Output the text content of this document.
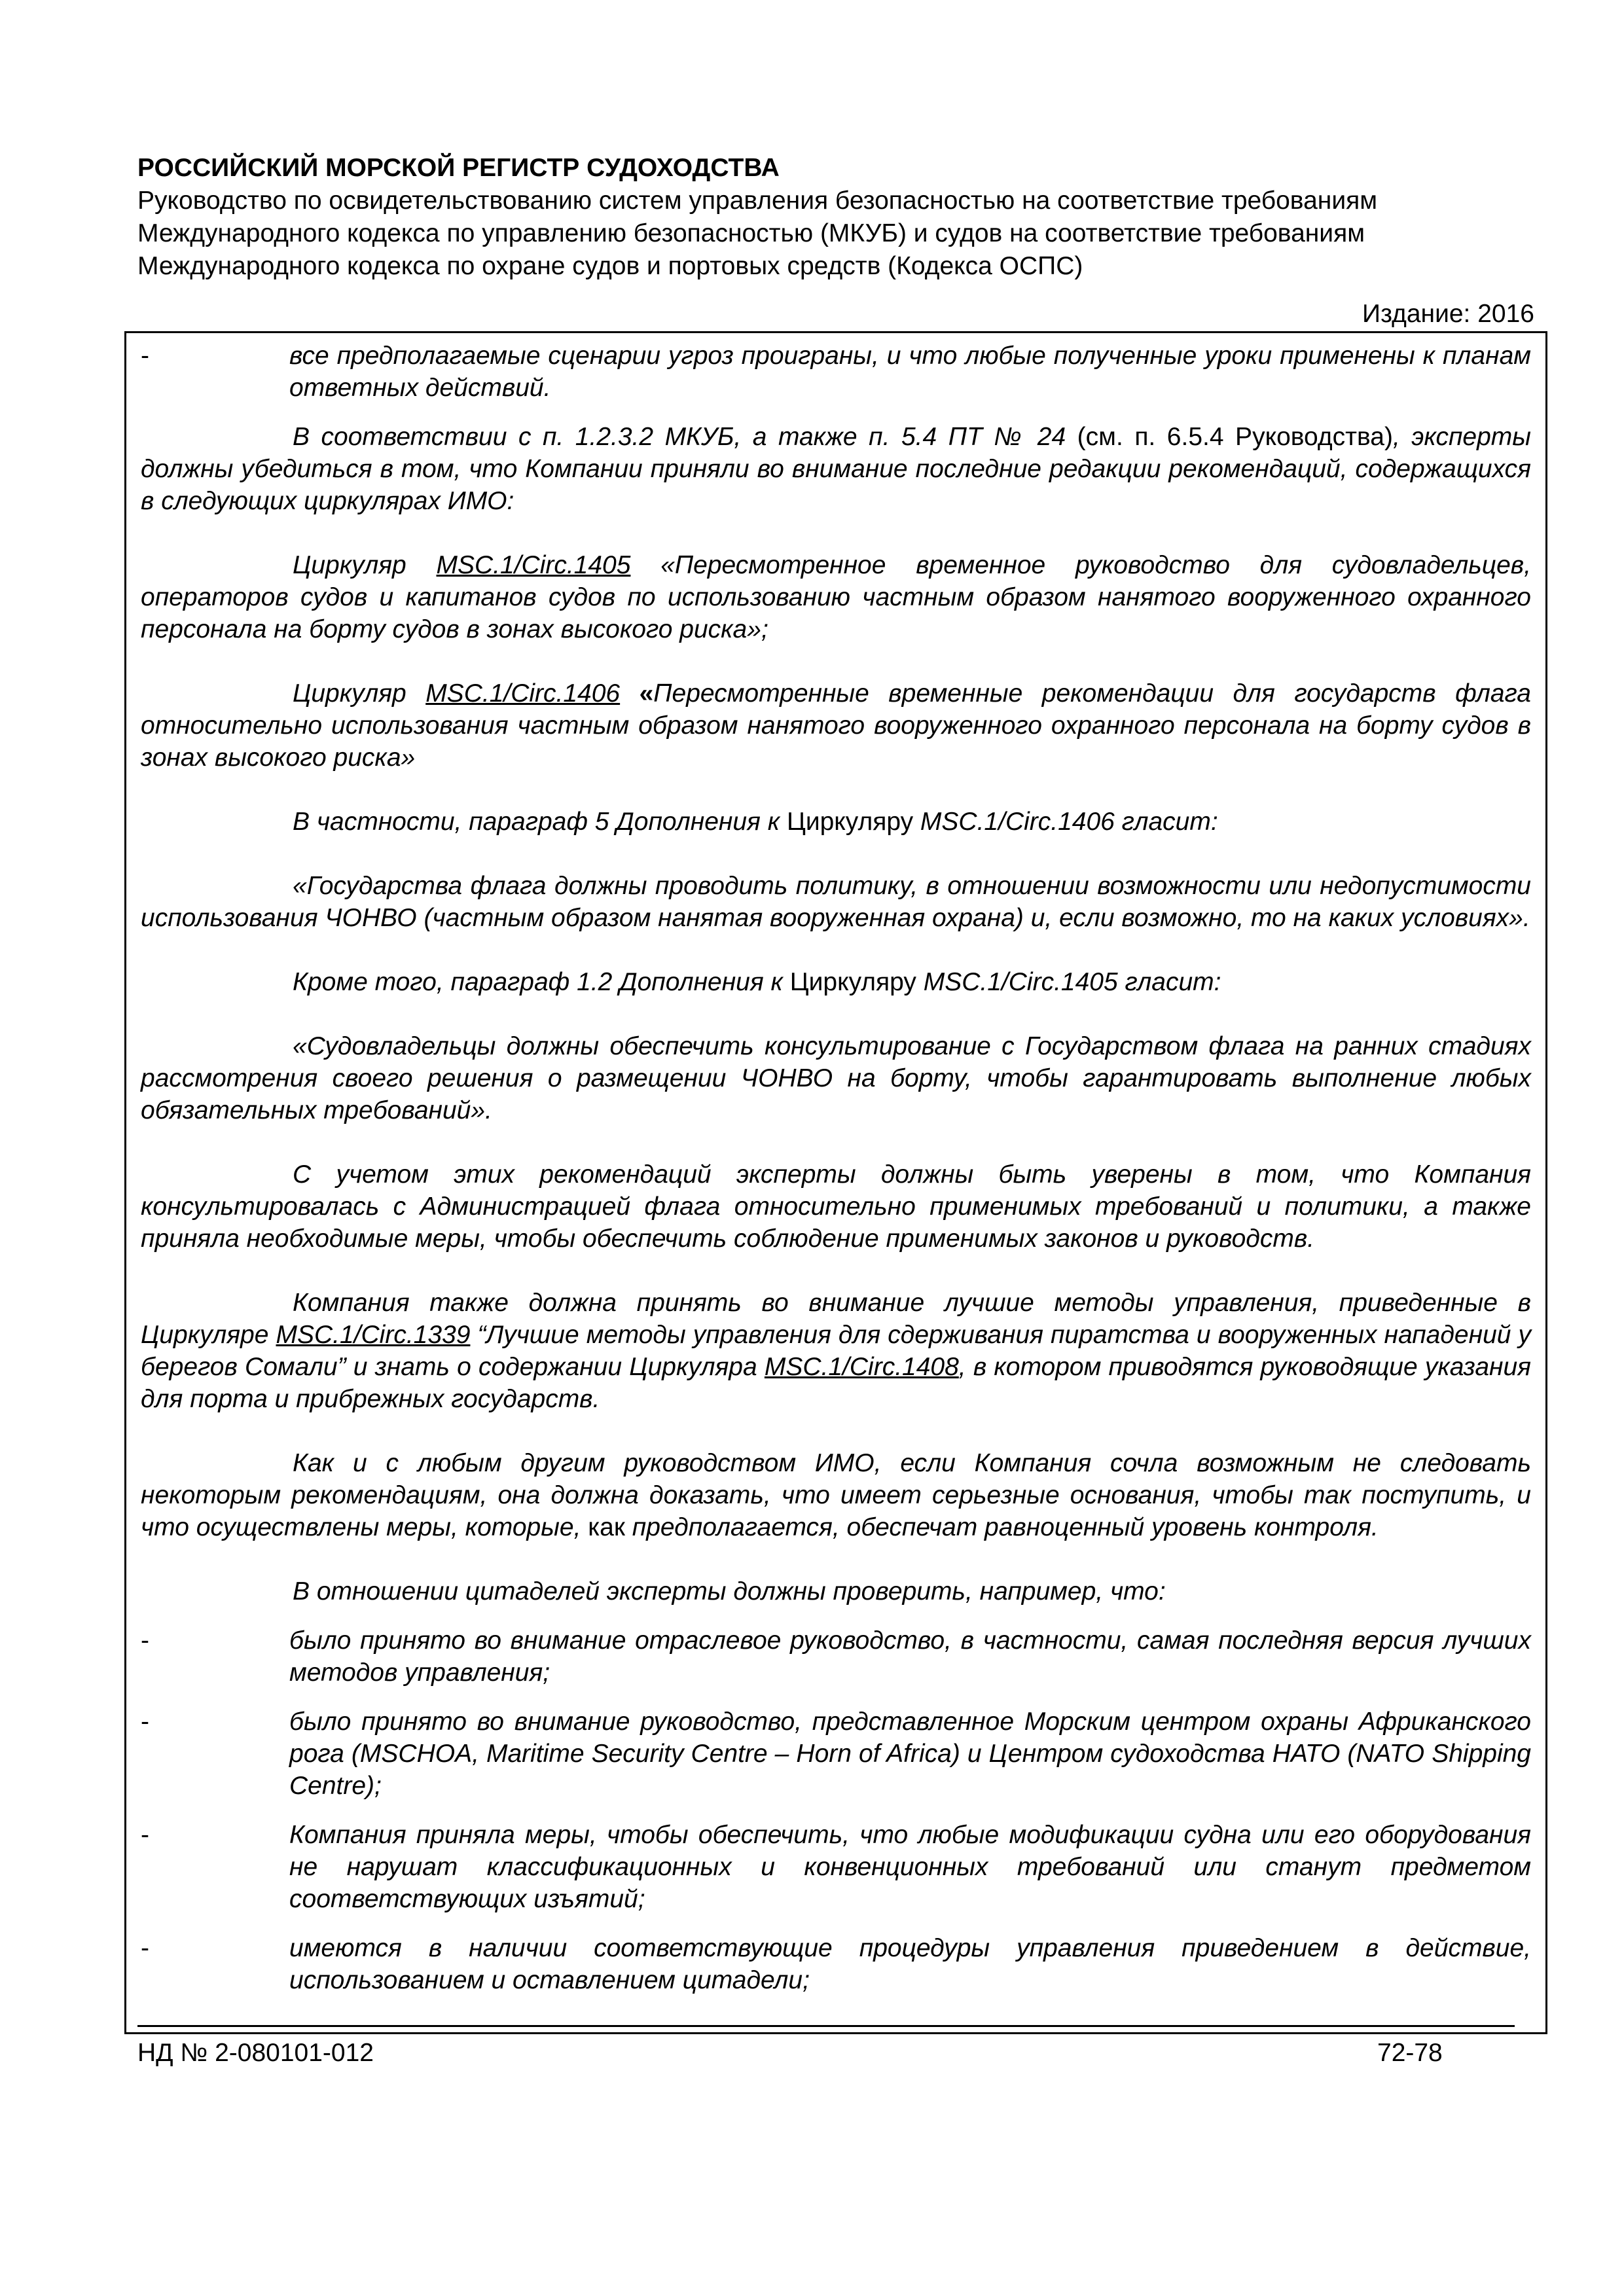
РОССИЙСКИЙ МОРСКОЙ РЕГИСТР СУДОХОДСТВА

Руководство по освидетельствованию систем управления безопасностью на соответствие требованиям

Международного кодекса по управлению безопасностью (МКУБ) и судов на соответствие требованиям

Международного кодекса по охране судов и портовых средств (Кодекса ОСПС)

Издание: 2016
-	все предполагаемые сценарии угроз проиграны, и что любые полученные уроки применены к планам ответных действий.

В соответствии с п. 1.2.3.2 МКУБ, а также п. 5.4 ПТ № 24 (см. п. 6.5.4 Руководства), эксперты должны убедиться в том, что Компании приняли во внимание последние редакции рекомендаций, содержащихся в следующих циркулярах ИМО:

Циркуляр MSC.1/Circ.1405 «Пересмотренное временное руководство для судовладельцев, операторов судов и капитанов судов по использованию частным образом нанятого вооруженного охранного персонала на борту судов в зонах высокого риска»;

Циркуляр MSC.1/Circ.1406 «Пересмотренные временные рекомендации для государств флага относительно использования частным образом нанятого вооруженного охранного персонала на борту судов в зонах высокого риска»

В частности, параграф 5 Дополнения к Циркуляру MSC.1/Circ.1406 гласит:

«Государства флага должны проводить политику, в отношении возможности или недопустимости использования ЧОНВО (частным образом нанятая вооруженная охрана) и, если возможно, то на каких условиях».

Кроме того, параграф 1.2 Дополнения к Циркуляру MSC.1/Circ.1405 гласит:

«Судовладельцы должны обеспечить консультирование с Государством флага на ранних стадиях рассмотрения своего решения о размещении ЧОНВО на борту, чтобы гарантировать выполнение любых обязательных требований».

С учетом этих рекомендаций эксперты должны быть уверены в том, что Компания консультировалась с Администрацией флага относительно применимых требований и политики, а также приняла необходимые меры, чтобы обеспечить соблюдение применимых законов и руководств.

Компания также должна принять во внимание лучшие методы управления, приведенные в Циркуляре MSC.1/Circ.1339 “Лучшие методы управления для сдерживания пиратства и вооруженных нападений у берегов Сомали” и знать о содержании Циркуляра MSC.1/Circ.1408, в котором приводятся руководящие указания для порта и прибрежных государств.

Как и с любым другим руководством ИМО, если Компания сочла возможным не следовать некоторым рекомендациям, она должна доказать, что имеет серьезные основания, чтобы так поступить, и что осуществлены меры, которые, как предполагается, обеспечат равноценный уровень контроля.

В отношении цитаделей эксперты должны проверить, например, что:

-	было принято во внимание отраслевое руководство, в частности, самая последняя версия лучших методов управления;
-	было принято во внимание руководство, представленное Морским центром охраны Африканского рога (MSCHOA, Maritime Security Centre – Horn of Africa) и Центром судоходства НАТО (NATO Shipping Centre);
-	Компания приняла меры, чтобы обеспечить, что любые модификации судна или его оборудования не нарушат классификационных и конвенционных требований или станут предметом соответствующих изъятий;
-	имеются в наличии соответствующие процедуры управления приведением в действие, использованием и оставлением цитадели;
НД № 2-080101-012	72-78
